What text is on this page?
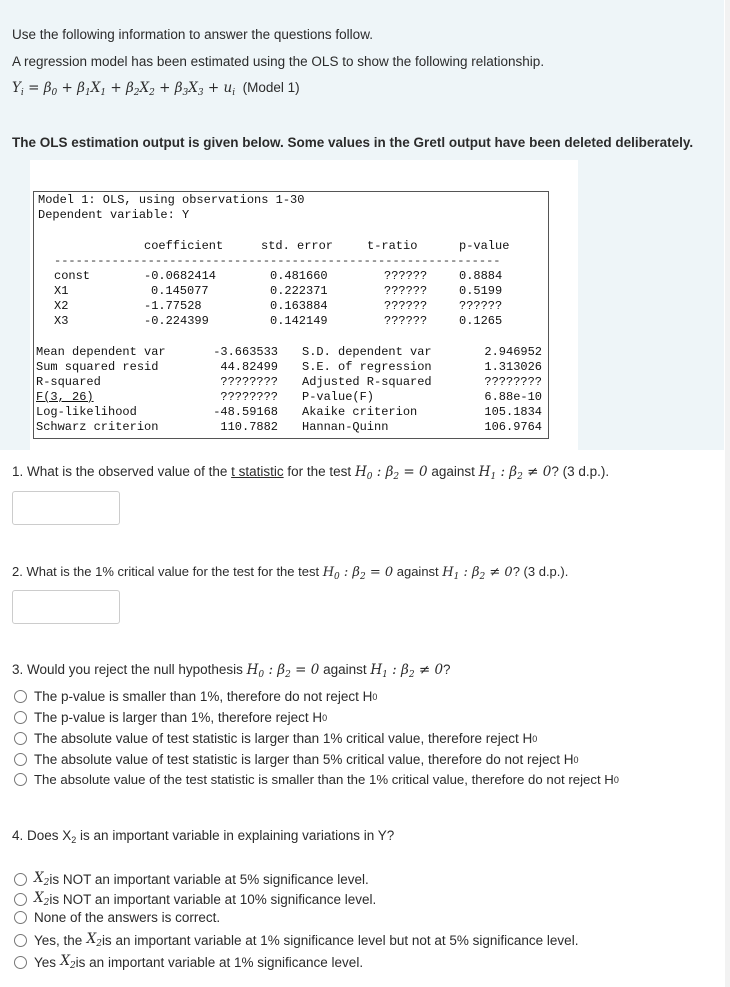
Use the following information to answer the questions follow.
A regression model has been estimated using the OLS to show the following relationship.
$Y_i = \beta_0 + \beta_1X_1 + \beta_2X_2 + \beta_3X_3 + u_i$ (Model 1)
The OLS estimation output is given below. Some values in the Gretl output have been deleted deliberately.
Model 1: OLS, using observations 1-30
Dependent variable: Y
coefficient	std. error	t-ratio	p-value
--------------------------------------------------------------
const	-0.0682414	0.481660	??????	0.8884
X1	0.145077	0.222371	??????	0.5199
X2	-1.77528	0.163884	??????	??????
X3	-0.224399	0.142149	??????	0.1265
Mean dependent var	-3.663533 S.D. dependent var	2.946952
Sum squared resid	44.82499 S.E. of regression	1.313026
R-squared	???????? Adjusted R-squared	????????
F(3, 26)	???????? P-value(F)	6.88e-10
Log-likelihood	-48.59168 Akaike criterion	105.1834
Schwarz criterion	110.7882 Hannan-Quinn	106.9764
1. What is the observed value of the t statistic for the test $H_0$ : $\beta_2 = 0$ against $H_1$ : $\beta_2 \ne 0$? (3 d.p.).
2. What is the 1% critical value for the test for the test $H_0$ : $\beta_2 = 0$ against $H_1$ : $\beta_2 \ne 0$? (3 d.p.).
3. Would you reject the null hypothesis $H_0$ : $\beta_2 = 0$ against $H_1$ : $\beta_2 \ne 0$?
The p-value is smaller than 1%, therefore do not reject H 0
The p-value is larger than 1%, therefore reject H 0
The absolute value of test statistic is larger than 1% critical value, therefore reject H 0
The absolute value of test statistic is larger than 5% critical value, therefore do not reject H 0
The absolute value of the test statistic is smaller than the 1% critical value, therefore do not reject H 0
4. Does $X_2$ is an important variable in explaining variations in Y?
$X_2$ is NOT an important variable at 5% significance level.
$X_2$ is NOT an important variable at 10% significance level.
None of the answers is correct.
Yes, the $X_2$ is an important variable at 1% significance level but not at 5% significance level.
Yes $X_2$ is an important variable at 1% significance level.
